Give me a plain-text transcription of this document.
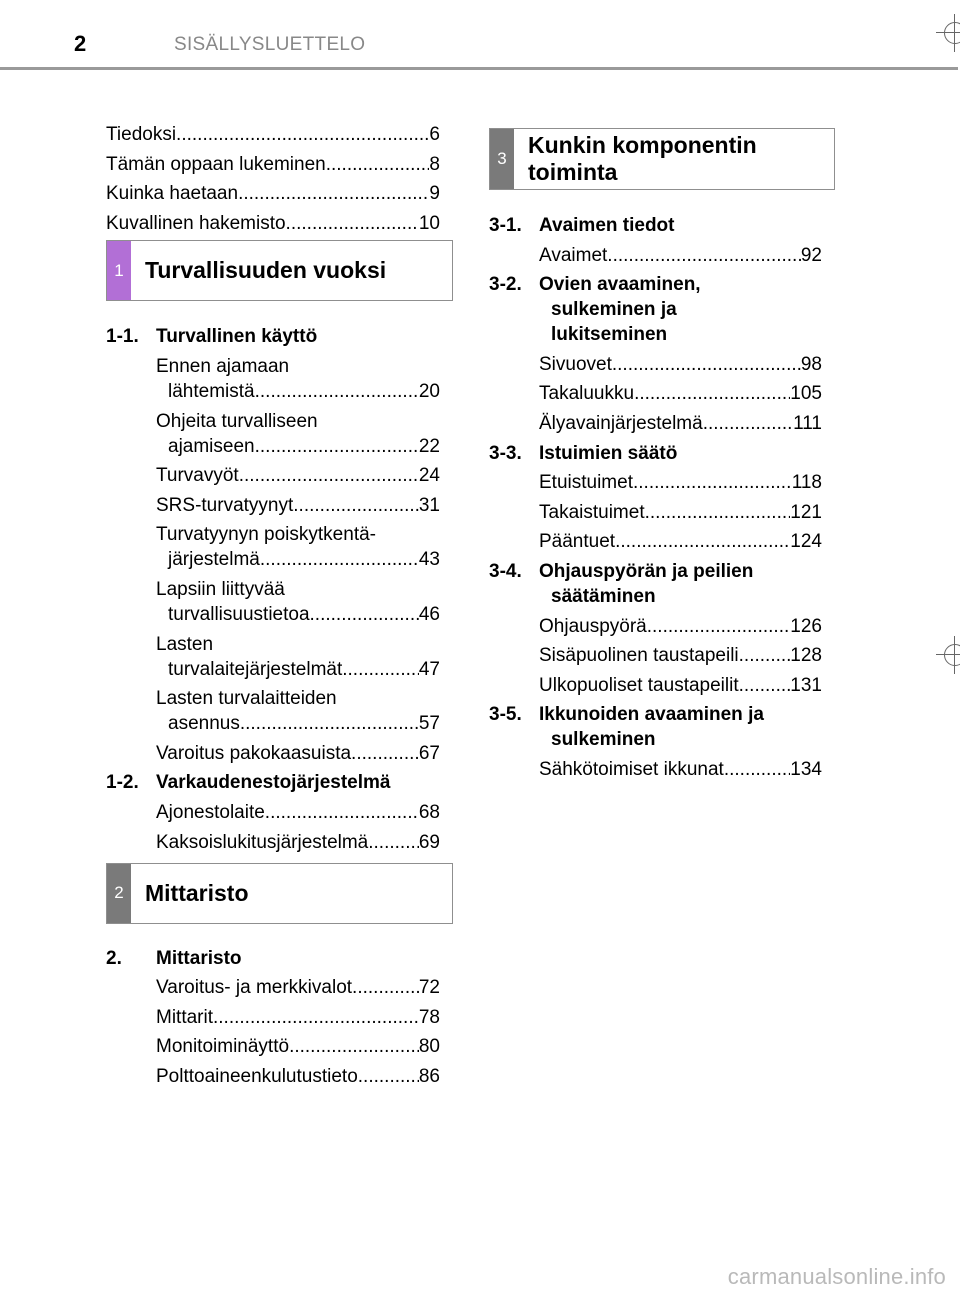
2	SISÄLLYSLUETTELO
Tiedoksi .....	6
Tämän oppaan lukeminen .....	8
Kuinka haetaan .....	9
Kuvallinen hakemisto .....	10
1 Turvallisuuden vuoksi
1-1. Turvallinen käyttö
Ennen ajamaan
lähtemistä .....	20
Ohjeita turvalliseen
ajamiseen .....	22
Turvavyöt .....	24
SRS-turvatyynyt .....	31
Turvatyynyn poiskytkentä-
järjestelmä .....	43
Lapsiin liittyvää
turvallisuustietoa .....	46
Lasten
turvalaitejärjestelmät .....	47
Lasten turvalaitteiden
asennus .....	57
Varoitus pakokaasuista .....	67
1-2. Varkaudenestojärjestelmä
Ajonestolaite .....	68
Kaksoislukitusjärjestelmä .....	69
2 Mittaristo
2.	Mittaristo
Varoitus- ja merkkivalot .....	72
Mittarit .....	78
Monitoiminäyttö .....	80
Polttoaineenkulutustieto .....	86
3
Kunkin komponentin
toiminta
3-1. Avaimen tiedot
Avaimet .....	92
3-2. Ovien avaaminen,
sulkeminen ja
lukitseminen
Sivuovet .....	98
Takaluukku .....	105
Älyavainjärjestelmä .....	111
3-3. Istuimien säätö
Etuistuimet .....	118
Takaistuimet .....	121
Pääntuet .....	124
3-4. Ohjauspyörän ja peilien
säätäminen
Ohjauspyörä .....	126
Sisäpuolinen taustapeili .....	128
Ulkopuoliset taustapeilit .....	131
3-5. Ikkunoiden avaaminen ja
sulkeminen
Sähkötoimiset ikkunat .....	134
carmanualsonline.info
